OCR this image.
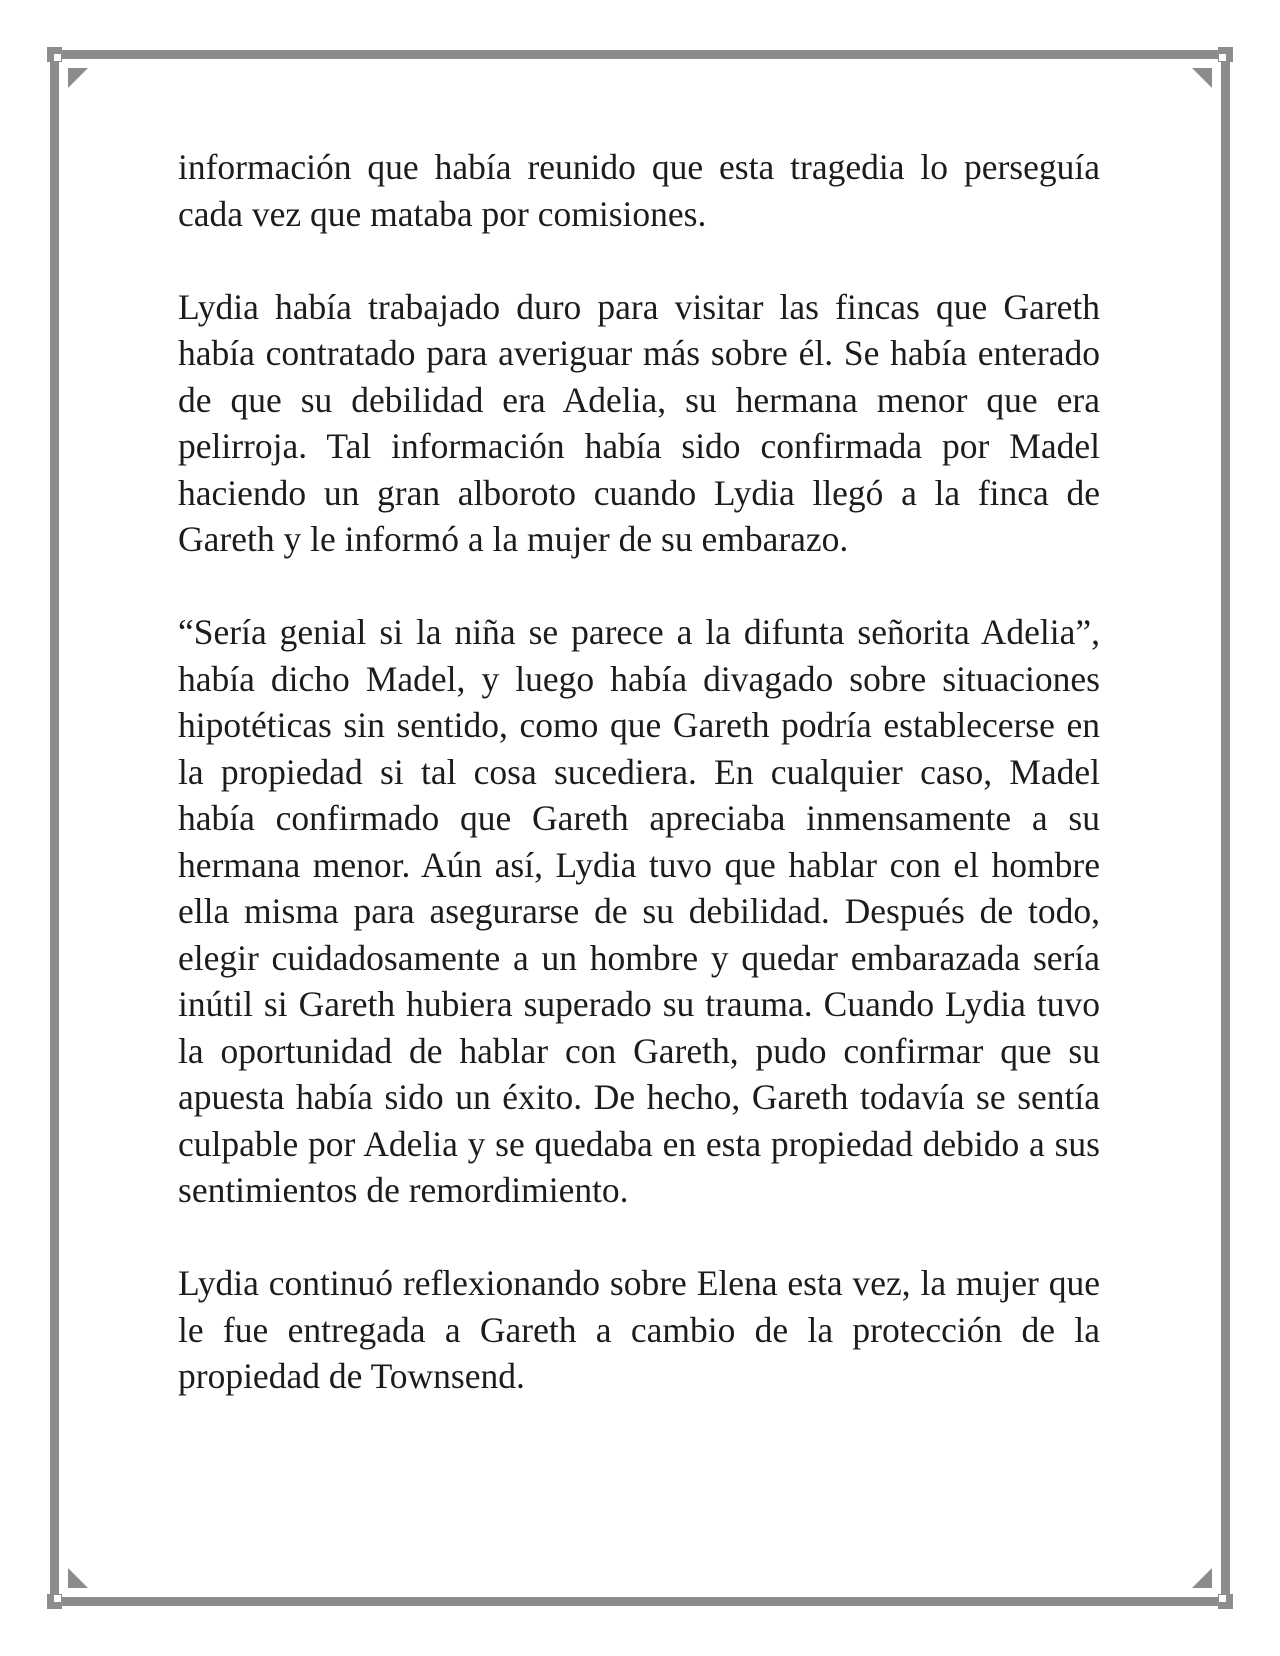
información que había reunido que esta tragedia lo perseguía cada vez que mataba por comisiones.

Lydia había trabajado duro para visitar las fincas que Gareth había contratado para averiguar más sobre él. Se había enterado de que su debilidad era Adelia, su hermana menor que era pelirroja. Tal información había sido confirmada por Madel haciendo un gran alboroto cuando Lydia llegó a la finca de Gareth y le informó a la mujer de su embarazo.

“Sería genial si la niña se parece a la difunta señorita Adelia”, había dicho Madel, y luego había divagado sobre situaciones hipotéticas sin sentido, como que Gareth podría establecerse en la propiedad si tal cosa sucediera. En cualquier caso, Madel había confirmado que Gareth apreciaba inmensamente a su hermana menor. Aún así, Lydia tuvo que hablar con el hombre ella misma para asegurarse de su debilidad. Después de todo, elegir cuidadosamente a un hombre y quedar embarazada sería inútil si Gareth hubiera superado su trauma. Cuando Lydia tuvo la oportunidad de hablar con Gareth, pudo confirmar que su apuesta había sido un éxito. De hecho, Gareth todavía se sentía culpable por Adelia y se quedaba en esta propiedad debido a sus sentimientos de remordimiento.

Lydia continuó reflexionando sobre Elena esta vez, la mujer que le fue entregada a Gareth a cambio de la protección de la propiedad de Townsend.
